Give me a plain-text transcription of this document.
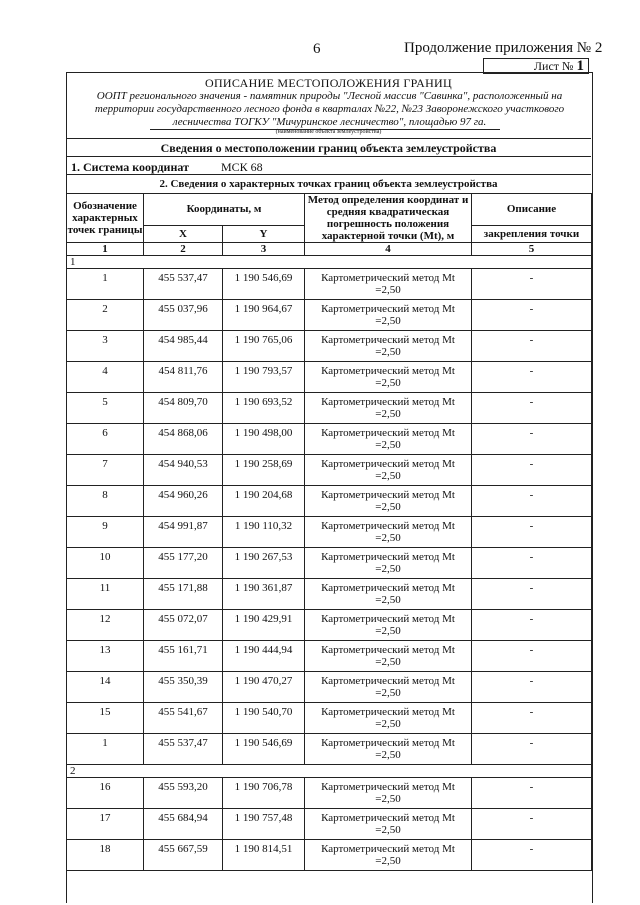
6	Продолжение приложения № 2
Лист № 1
ОПИСАНИЕ МЕСТОПОЛОЖЕНИЯ ГРАНИЦ
ООПТ регионального значения - памятник природы "Лесной массив "Савинка", расположенный на
территории государственного лесного фонда в кварталах №22, №23 Заворонежского участкового
лесничества ТОГКУ "Мичуринское лесничество", площадью 97 га.
(наименование объекта землеустройства)
Сведения о местоположении границ объекта землеустройства
1. Система координат	МСК 68
2. Сведения о характерных точках границ объекта землеустройства
Обозначение характерных точек границы	Координаты, м		Метод определения координат и средняя квадратическая погрешность положения характерной точки (Mt), м	Описание
	X	Y		закрепления точки
1	2	3	4	5
1				
1	455 537,47	1 190 546,69	Картометрический метод Mt
=2,50	-
2	455 037,96	1 190 964,67	Картометрический метод Mt
=2,50	-
3	454 985,44	1 190 765,06	Картометрический метод Mt
=2,50	-
4	454 811,76	1 190 793,57	Картометрический метод Mt
=2,50	-
5	454 809,70	1 190 693,52	Картометрический метод Mt
=2,50	-
6	454 868,06	1 190 498,00	Картометрический метод Mt
=2,50	-
7	454 940,53	1 190 258,69	Картометрический метод Mt
=2,50	-
8	454 960,26	1 190 204,68	Картометрический метод Mt
=2,50	-
9	454 991,87	1 190 110,32	Картометрический метод Mt
=2,50	-
10	455 177,20	1 190 267,53	Картометрический метод Mt
=2,50	-
11	455 171,88	1 190 361,87	Картометрический метод Mt
=2,50	-
12	455 072,07	1 190 429,91	Картометрический метод Mt
=2,50	-
13	455 161,71	1 190 444,94	Картометрический метод Mt
=2,50	-
14	455 350,39	1 190 470,27	Картометрический метод Mt
=2,50	-
15	455 541,67	1 190 540,70	Картометрический метод Mt
=2,50	-
1	455 537,47	1 190 546,69	Картометрический метод Mt
=2,50	-
2				
16	455 593,20	1 190 706,78	Картометрический метод Mt
=2,50	-
17	455 684,94	1 190 757,48	Картометрический метод Mt
=2,50	-
18	455 667,59	1 190 814,51	Картометрический метод Mt
=2,50	-
